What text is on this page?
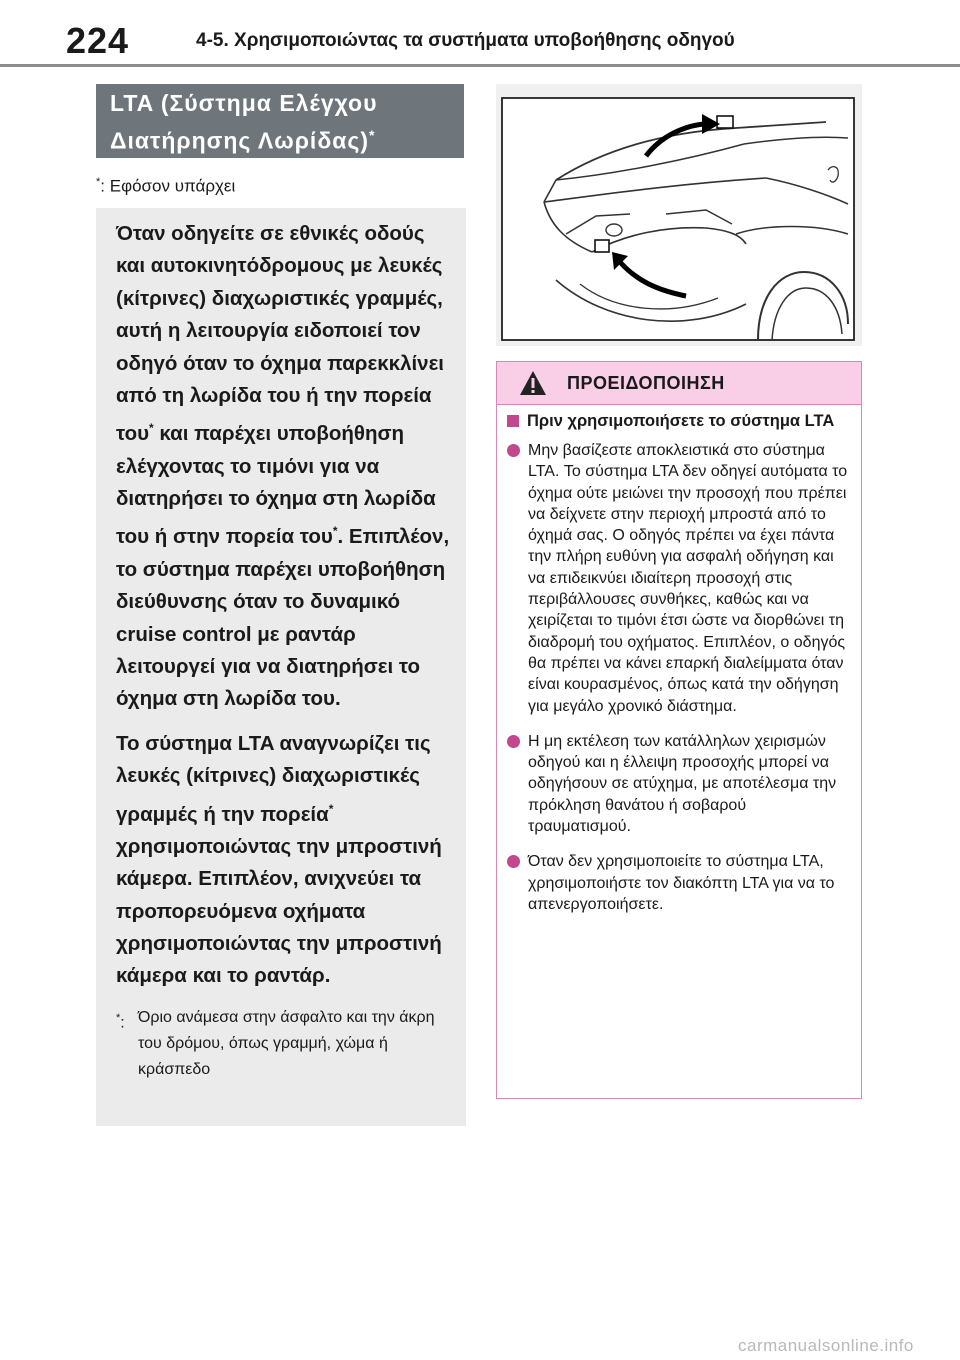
224	4-5. Χρησιμοποιώντας τα συστήματα υποβοήθησης οδηγού
LTA (Σύστημα Ελέγχου
Διατήρησης Λωρίδας)*
*: Εφόσον υπάρχει

Όταν οδηγείτε σε εθνικές οδούς και αυτοκινητόδρομους με λευκές (κίτρινες) διαχωριστικές γραμμές, αυτή η λειτουργία ειδοποιεί τον οδηγό όταν το όχημα παρεκκλίνει από τη λωρίδα του ή την πορεία του* και παρέχει υποβοήθηση ελέγχοντας το τιμόνι για να διατηρήσει το όχημα στη λωρίδα του ή στην πορεία του*. Επιπλέον, το σύστημα παρέχει υποβοήθηση διεύθυνσης όταν το δυναμικό cruise control με ραντάρ λειτουργεί για να διατηρήσει το όχημα στη λωρίδα του.

Το σύστημα LTA αναγνωρίζει τις λευκές (κίτρινες) διαχωριστικές γραμμές ή την πορεία* χρησιμοποιώντας την μπροστινή κάμερα. Επιπλέον, ανιχνεύει τα προπορευόμενα οχήματα χρησιμοποιώντας την μπροστινή κάμερα και το ραντάρ.

*: Όριο ανάμεσα στην άσφαλτο και την άκρη του δρόμου, όπως γραμμή, χώμα ή κράσπεδο
ΠΡΟΕΙΔΟΠΟΙΗΣΗ
Πριν χρησιμοποιήσετε το σύστημα LTA
Μην βασίζεστε αποκλειστικά στο σύστημα LTA. Το σύστημα LTA δεν οδηγεί αυτόματα το όχημα ούτε μειώνει την προσοχή που πρέπει να δείχνετε στην περιοχή μπροστά από το όχημά σας. Ο οδηγός πρέπει να έχει πάντα την πλήρη ευθύνη για ασφαλή οδήγηση και να επιδεικνύει ιδιαίτερη προσοχή στις περιβάλλουσες συνθήκες, καθώς και να χειρίζεται το τιμόνι έτσι ώστε να διορθώνει τη διαδρομή του οχήματος. Επιπλέον, ο οδηγός θα πρέπει να κάνει επαρκή διαλείμματα όταν είναι κουρασμένος, όπως κατά την οδήγηση για μεγάλο χρονικό διάστημα.
Η μη εκτέλεση των κατάλληλων χειρισμών οδηγού και η έλλειψη προσοχής μπορεί να οδηγήσουν σε ατύχημα, με αποτέλεσμα την πρόκληση θανάτου ή σοβαρού τραυματισμού.
Όταν δεν χρησιμοποιείτε το σύστημα LTA, χρησιμοποιήστε τον διακόπτη LTA για να το απενεργοποιήσετε.
carmanualsonline.info
